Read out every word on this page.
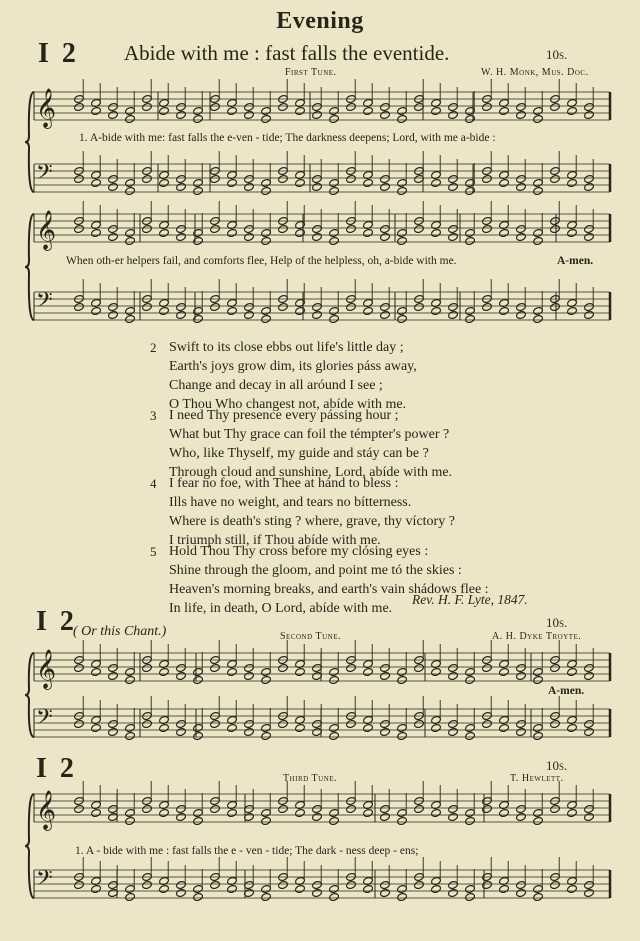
Evening
I 2 Abide with me : fast falls the eventide.	10s.
First Tune.	W. H. Monk, Mus. Doc.
𝄞
𝄢
𝄞
𝄢
𝄞
𝄢
𝄞
𝄢
1. A-bide with me: fast falls the e-ven - tide; The darkness deepens; Lord, with me a-bide :
When oth-er helpers fail, and comforts flee, Help of the helpless, oh, a-bide with me.	A-men.
2 Swift to its close ebbs out life's little day ;
Earth's joys grow dim, its glories páss away,
Change and decay in all aróund I see ;
O Thou Who changest not, abíde with me.
3 I need Thy presence every pássing hour ;
What but Thy grace can foil the témpter's power ?
Who, like Thyself, my guide and stáy can be ?
Through cloud and sunshine, Lord, abíde with me.
4 I fear no foe, with Thee at hánd to bless :
Ills have no weight, and tears no bítterness.
Where is death's sting ? where, grave, thy víctory ?
I triumph still, if Thou abíde with me.
5 Hold Thou Thy cross before my clósing eyes :
Shine through the gloom, and point me tó the skies :
Heaven's morning breaks, and earth's vain shádows flee :
In life, in death, O Lord, abíde with me.
Rev. H. F. Lyte, 1847.
I 2
( Or this Chant.)
10s.
Second Tune.	A. H. Dyke Troyte.
A-men.
I 2	10s.
Third Tune.	T. Hewlett.
1. A - bide with me : fast falls the e - ven - tide; The dark - ness deep - ens;
